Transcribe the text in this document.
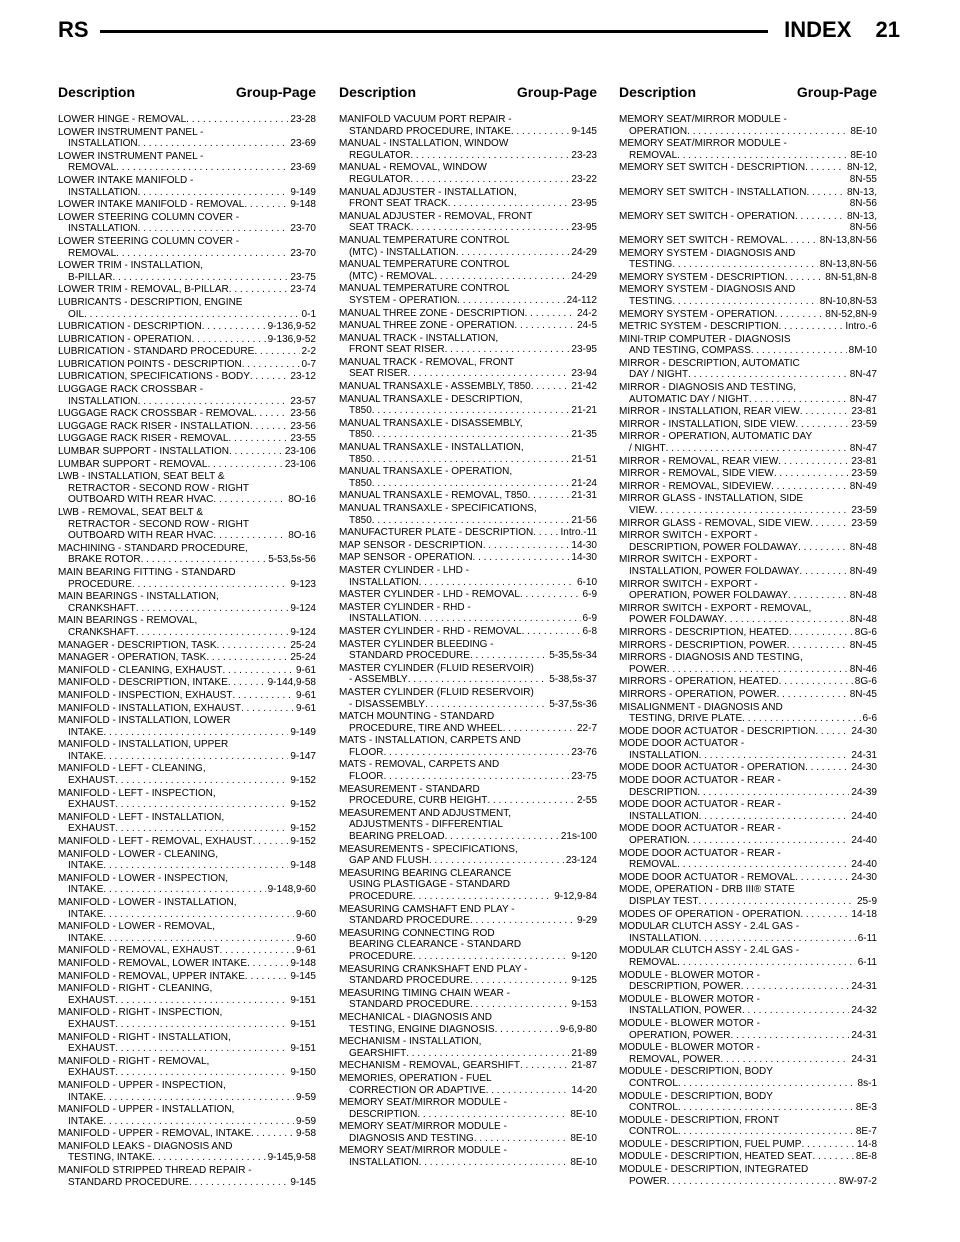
RS	INDEX 21
Description	Group-Page Description	Group-Page Description	Group-Page
LOWER HINGE - REMOVAL . . .	23-28
LOWER INSTRUMENT PANEL -
INSTALLATION . . .	23-69
LOWER INSTRUMENT PANEL -
REMOVAL . . .	23-69
LOWER INTAKE MANIFOLD -
INSTALLATION . . .	9-149
LOWER INTAKE MANIFOLD - REMOVAL . . .	9-148
LOWER STEERING COLUMN COVER -
INSTALLATION . . .	23-70
LOWER STEERING COLUMN COVER -
REMOVAL . . .	23-70
LOWER TRIM - INSTALLATION,
B-PILLAR . . .	23-75
LOWER TRIM - REMOVAL, B-PILLAR . . .	23-74
LUBRICANTS - DESCRIPTION, ENGINE
OIL . . .	0-1
LUBRICATION - DESCRIPTION . . .	9-136,9-52
LUBRICATION - OPERATION . . .	9-136,9-52
LUBRICATION - STANDARD PROCEDURE . . .	2-2
LUBRICATION POINTS - DESCRIPTION . . .	0-7
LUBRICATION, SPECIFICATIONS - BODY . . .	23-12
LUGGAGE RACK CROSSBAR -
INSTALLATION . . .	23-57
LUGGAGE RACK CROSSBAR - REMOVAL . . .	23-56
LUGGAGE RACK RISER - INSTALLATION . . .	23-56
LUGGAGE RACK RISER - REMOVAL . . .	23-55
LUMBAR SUPPORT - INSTALLATION . . .	23-106
LUMBAR SUPPORT - REMOVAL . . .	23-106
LWB - INSTALLATION, SEAT BELT &
RETRACTOR - SECOND ROW - RIGHT
OUTBOARD WITH REAR HVAC . . .	8O-16
LWB - REMOVAL, SEAT BELT &
RETRACTOR - SECOND ROW - RIGHT
OUTBOARD WITH REAR HVAC . . .	8O-16
MACHINING - STANDARD PROCEDURE,
BRAKE ROTOR . . .	5-53,5s-56
MAIN BEARING FITTING - STANDARD
PROCEDURE . . .	9-123
MAIN BEARINGS - INSTALLATION,
CRANKSHAFT . . .	9-124
MAIN BEARINGS - REMOVAL,
CRANKSHAFT . . .	9-124
MANAGER - DESCRIPTION, TASK . . .	25-24
MANAGER - OPERATION, TASK . . .	25-24
MANIFOLD - CLEANING, EXHAUST . . .	9-61
MANIFOLD - DESCRIPTION, INTAKE . . .	9-144,9-58
MANIFOLD - INSPECTION, EXHAUST . . .	9-61
MANIFOLD - INSTALLATION, EXHAUST . . .	9-61
MANIFOLD - INSTALLATION, LOWER
INTAKE . . .	9-149
MANIFOLD - INSTALLATION, UPPER
INTAKE . . .	9-147
MANIFOLD - LEFT - CLEANING,
EXHAUST . . .	9-152
MANIFOLD - LEFT - INSPECTION,
EXHAUST . . .	9-152
MANIFOLD - LEFT - INSTALLATION,
EXHAUST . . .	9-152
MANIFOLD - LEFT - REMOVAL, EXHAUST . . .	9-152
MANIFOLD - LOWER - CLEANING,
INTAKE . . .	9-148
MANIFOLD - LOWER - INSPECTION,
INTAKE . . .	9-148,9-60
MANIFOLD - LOWER - INSTALLATION,
INTAKE . . .	9-60
MANIFOLD - LOWER - REMOVAL,
INTAKE . . .	9-60
MANIFOLD - REMOVAL, EXHAUST . . .	9-61
MANIFOLD - REMOVAL, LOWER INTAKE . . .	9-148
MANIFOLD - REMOVAL, UPPER INTAKE . . .	9-145
MANIFOLD - RIGHT - CLEANING,
EXHAUST . . .	9-151
MANIFOLD - RIGHT - INSPECTION,
EXHAUST . . .	9-151
MANIFOLD - RIGHT - INSTALLATION,
EXHAUST . . .	9-151
MANIFOLD - RIGHT - REMOVAL,
EXHAUST . . .	9-150
MANIFOLD - UPPER - INSPECTION,
INTAKE . . .	9-59
MANIFOLD - UPPER - INSTALLATION,
INTAKE . . .	9-59
MANIFOLD - UPPER - REMOVAL, INTAKE . . .	9-58
MANIFOLD LEAKS - DIAGNOSIS AND
TESTING, INTAKE . . .	9-145,9-58
MANIFOLD STRIPPED THREAD REPAIR -
STANDARD PROCEDURE . . .	9-145
MANIFOLD VACUUM PORT REPAIR -
STANDARD PROCEDURE, INTAKE . . .	9-145
MANUAL - INSTALLATION, WINDOW
REGULATOR . . .	23-23
MANUAL - REMOVAL, WINDOW
REGULATOR . . .	23-22
MANUAL ADJUSTER - INSTALLATION,
FRONT SEAT TRACK . . .	23-95
MANUAL ADJUSTER - REMOVAL, FRONT
SEAT TRACK . . .	23-95
MANUAL TEMPERATURE CONTROL
(MTC) - INSTALLATION . . .	24-29
MANUAL TEMPERATURE CONTROL
(MTC) - REMOVAL . . .	24-29
MANUAL TEMPERATURE CONTROL
SYSTEM - OPERATION . . .	24-112
MANUAL THREE ZONE - DESCRIPTION . . .	24-2
MANUAL THREE ZONE - OPERATION . . .	24-5
MANUAL TRACK - INSTALLATION,
FRONT SEAT RISER . . .	23-95
MANUAL TRACK - REMOVAL, FRONT
SEAT RISER . . .	23-94
MANUAL TRANSAXLE - ASSEMBLY, T850 . . .	21-42
MANUAL TRANSAXLE - DESCRIPTION,
T850 . . .	21-21
MANUAL TRANSAXLE - DISASSEMBLY,
T850 . . .	21-35
MANUAL TRANSAXLE - INSTALLATION,
T850 . . .	21-51
MANUAL TRANSAXLE - OPERATION,
T850 . . .	21-24
MANUAL TRANSAXLE - REMOVAL, T850 . . .	21-31
MANUAL TRANSAXLE - SPECIFICATIONS,
T850 . . .	21-56
MANUFACTURER PLATE - DESCRIPTION . . .	Intro.-11
MAP SENSOR - DESCRIPTION . . .	14-30
MAP SENSOR - OPERATION . . .	14-30
MASTER CYLINDER - LHD -
INSTALLATION . . .	6-10
MASTER CYLINDER - LHD - REMOVAL . . .	6-9
MASTER CYLINDER - RHD -
INSTALLATION . . .	6-9
MASTER CYLINDER - RHD - REMOVAL . . .	6-8
MASTER CYLINDER BLEEDING -
STANDARD PROCEDURE . . .	5-35,5s-34
MASTER CYLINDER (FLUID RESERVOIR)
- ASSEMBLY . . .	5-38,5s-37
MASTER CYLINDER (FLUID RESERVOIR)
- DISASSEMBLY . . .	5-37,5s-36
MATCH MOUNTING - STANDARD
PROCEDURE, TIRE AND WHEEL . . .	22-7
MATS - INSTALLATION, CARPETS AND
FLOOR . . .	23-76
MATS - REMOVAL, CARPETS AND
FLOOR . . .	23-75
MEASUREMENT - STANDARD
PROCEDURE, CURB HEIGHT . . .	2-55
MEASUREMENT AND ADJUSTMENT,
ADJUSTMENTS - DIFFERENTIAL
BEARING PRELOAD . . .	21s-100
MEASUREMENTS - SPECIFICATIONS,
GAP AND FLUSH . . .	23-124
MEASURING BEARING CLEARANCE
USING PLASTIGAGE - STANDARD
PROCEDURE . . .	9-12,9-84
MEASURING CAMSHAFT END PLAY -
STANDARD PROCEDURE . . .	9-29
MEASURING CONNECTING ROD
BEARING CLEARANCE - STANDARD
PROCEDURE . . .	9-120
MEASURING CRANKSHAFT END PLAY -
STANDARD PROCEDURE . . .	9-125
MEASURING TIMING CHAIN WEAR -
STANDARD PROCEDURE . . .	9-153
MECHANICAL - DIAGNOSIS AND
TESTING, ENGINE DIAGNOSIS . . .	9-6,9-80
MECHANISM - INSTALLATION,
GEARSHIFT . . .	21-89
MECHANISM - REMOVAL, GEARSHIFT . . .	21-87
MEMORIES, OPERATION - FUEL
CORRECTION OR ADAPTIVE . . .	14-20
MEMORY SEAT/MIRROR MODULE -
DESCRIPTION . . .	8E-10
MEMORY SEAT/MIRROR MODULE -
DIAGNOSIS AND TESTING . . .	8E-10
MEMORY SEAT/MIRROR MODULE -
INSTALLATION . . .	8E-10
MEMORY SEAT/MIRROR MODULE -
OPERATION . . .	8E-10
MEMORY SEAT/MIRROR MODULE -
REMOVAL . . .	8E-10
MEMORY SET SWITCH - DESCRIPTION . . .	8N-12,
8N-55
MEMORY SET SWITCH - INSTALLATION . . .	8N-13,
8N-56
MEMORY SET SWITCH - OPERATION . . .	8N-13,
8N-56
MEMORY SET SWITCH - REMOVAL . . .	8N-13,8N-56
MEMORY SYSTEM - DIAGNOSIS AND
TESTING . . .	8N-13,8N-56
MEMORY SYSTEM - DESCRIPTION . . .	8N-51,8N-8
MEMORY SYSTEM - DIAGNOSIS AND
TESTING . . .	8N-10,8N-53
MEMORY SYSTEM - OPERATION . . .	8N-52,8N-9
METRIC SYSTEM - DESCRIPTION . . .	Intro.-6
MINI-TRIP COMPUTER - DIAGNOSIS
AND TESTING, COMPASS . . .	8M-10
MIRROR - DESCRIPTION, AUTOMATIC
DAY / NIGHT . . .	8N-47
MIRROR - DIAGNOSIS AND TESTING,
AUTOMATIC DAY / NIGHT . . .	8N-47
MIRROR - INSTALLATION, REAR VIEW . . .	23-81
MIRROR - INSTALLATION, SIDE VIEW . . .	23-59
MIRROR - OPERATION, AUTOMATIC DAY
/ NIGHT . . .	8N-47
MIRROR - REMOVAL, REAR VIEW . . .	23-81
MIRROR - REMOVAL, SIDE VIEW . . .	23-59
MIRROR - REMOVAL, SIDEVIEW . . .	8N-49
MIRROR GLASS - INSTALLATION, SIDE
VIEW . . .	23-59
MIRROR GLASS - REMOVAL, SIDE VIEW . . .	23-59
MIRROR SWITCH - EXPORT -
DESCRIPTION, POWER FOLDAWAY . . .	8N-48
MIRROR SWITCH - EXPORT -
INSTALLATION, POWER FOLDAWAY . . .	8N-49
MIRROR SWITCH - EXPORT -
OPERATION, POWER FOLDAWAY . . .	8N-48
MIRROR SWITCH - EXPORT - REMOVAL,
POWER FOLDAWAY . . .	8N-48
MIRRORS - DESCRIPTION, HEATED . . .	8G-6
MIRRORS - DESCRIPTION, POWER . . .	8N-45
MIRRORS - DIAGNOSIS AND TESTING,
POWER . . .	8N-46
MIRRORS - OPERATION, HEATED . . .	8G-6
MIRRORS - OPERATION, POWER . . .	8N-45
MISALIGNMENT - DIAGNOSIS AND
TESTING, DRIVE PLATE . . .	6-6
MODE DOOR ACTUATOR - DESCRIPTION . . .	24-30
MODE DOOR ACTUATOR -
INSTALLATION . . .	24-31
MODE DOOR ACTUATOR - OPERATION . . .	24-30
MODE DOOR ACTUATOR - REAR -
DESCRIPTION . . .	24-39
MODE DOOR ACTUATOR - REAR -
INSTALLATION . . .	24-40
MODE DOOR ACTUATOR - REAR -
OPERATION . . .	24-40
MODE DOOR ACTUATOR - REAR -
REMOVAL . . .	24-40
MODE DOOR ACTUATOR - REMOVAL . . .	24-30
MODE, OPERATION - DRB III® STATE
DISPLAY TEST . . .	25-9
MODES OF OPERATION - OPERATION . . .	14-18
MODULAR CLUTCH ASSY - 2.4L GAS -
INSTALLATION . . .	6-11
MODULAR CLUTCH ASSY - 2.4L GAS -
REMOVAL . . .	6-11
MODULE - BLOWER MOTOR -
DESCRIPTION, POWER . . .	24-31
MODULE - BLOWER MOTOR -
INSTALLATION, POWER . . .	24-32
MODULE - BLOWER MOTOR -
OPERATION, POWER . . .	24-31
MODULE - BLOWER MOTOR -
REMOVAL, POWER . . .	24-31
MODULE - DESCRIPTION, BODY
CONTROL . . .	8s-1
MODULE - DESCRIPTION, BODY
CONTROL . . .	8E-3
MODULE - DESCRIPTION, FRONT
CONTROL . . .	8E-7
MODULE - DESCRIPTION, FUEL PUMP . . .	14-8
MODULE - DESCRIPTION, HEATED SEAT . . .	8E-8
MODULE - DESCRIPTION, INTEGRATED
POWER . . .	8W-97-2
